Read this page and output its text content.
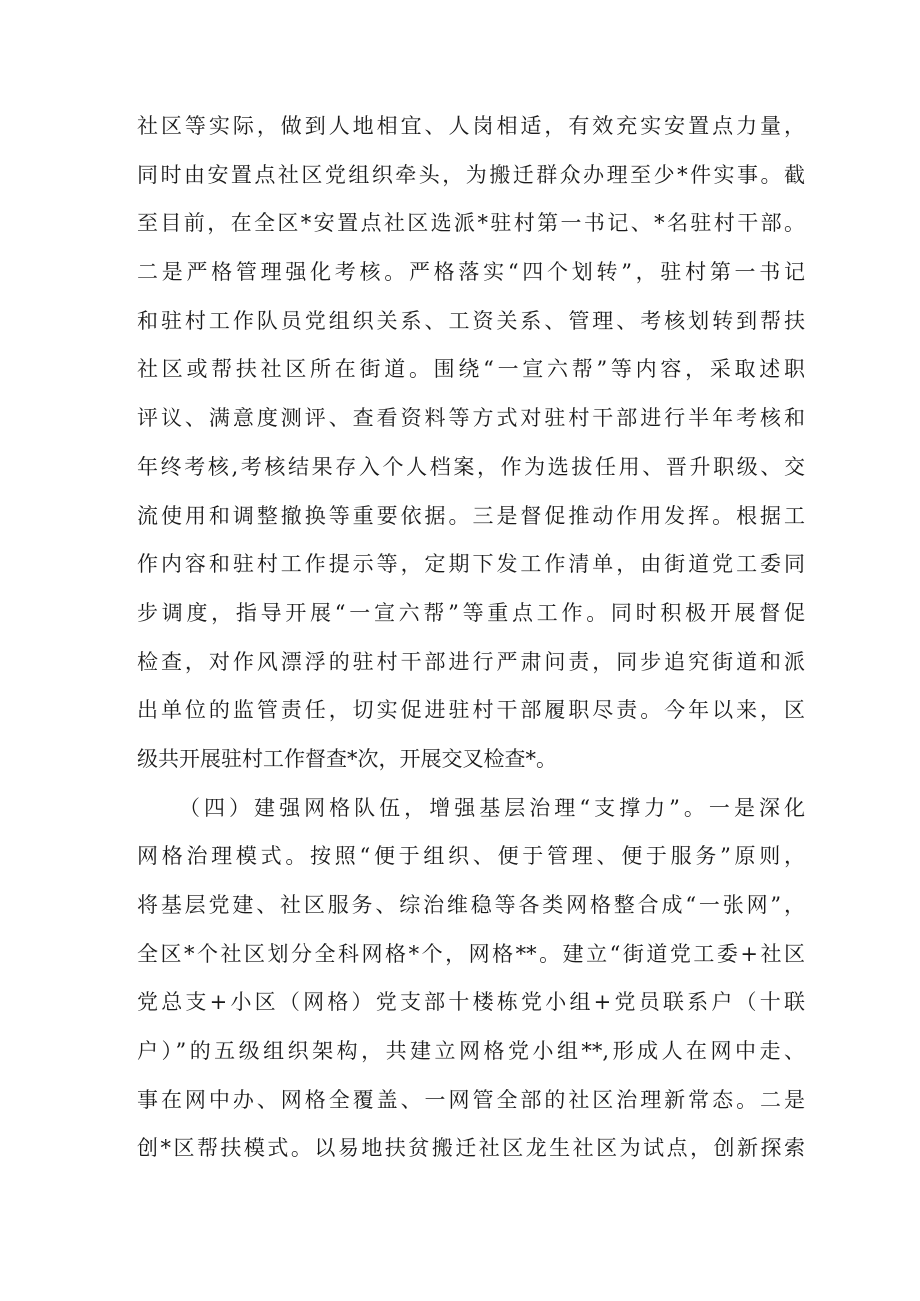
社区等实际，做到人地相宜、人岗相适，有效充实安置点力量，
同时由安置点社区党组织牵头，为搬迁群众办理至少*件实事。截
至目前，在全区*安置点社区选派*驻村第一书记、*名驻村干部。
二是严格管理强化考核。严格落实“四个划转”，驻村第一书记
和驻村工作队员党组织关系、工资关系、管理、考核划转到帮扶
社区或帮扶社区所在街道。围绕“一宣六帮”等内容，采取述职
评议、满意度测评、查看资料等方式对驻村干部进行半年考核和
年终考核,考核结果存入个人档案，作为选拔任用、晋升职级、交
流使用和调整撤换等重要依据。三是督促推动作用发挥。根据工
作内容和驻村工作提示等，定期下发工作清单，由街道党工委同
步调度，指导开展“一宣六帮”等重点工作。同时积极开展督促
检查，对作风漂浮的驻村干部进行严肃问责，同步追究街道和派
出单位的监管责任，切实促进驻村干部履职尽责。今年以来，区
级共开展驻村工作督查*次，开展交叉检查*。
（四）建强网格队伍，增强基层治理“支撑力”。一是深化
网格治理模式。按照“便于组织、便于管理、便于服务”原则，
将基层党建、社区服务、综治维稳等各类网格整合成“一张网”，
全区*个社区划分全科网格*个，网格**。建立“街道党工委+社区
党总支+小区（网格）党支部十楼栋党小组+党员联系户（十联
户）”的五级组织架构，共建立网格党小组**,形成人在网中走、
事在网中办、网格全覆盖、一网管全部的社区治理新常态。二是
创*区帮扶模式。以易地扶贫搬迁社区龙生社区为试点，创新探索
